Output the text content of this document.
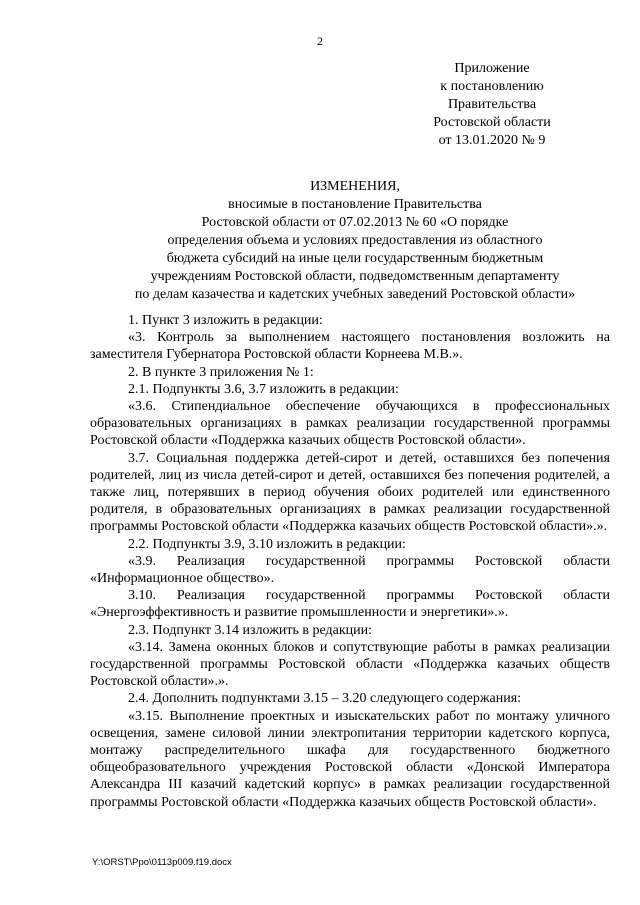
2
Приложение
к постановлению
Правительства
Ростовской области
от 13.01.2020 № 9
ИЗМЕНЕНИЯ,
вносимые в постановление Правительства
Ростовской области от 07.02.2013 № 60 «О порядке
определения объема и условиях предоставления из областного
бюджета субсидий на иные цели государственным бюджетным
учреждениям Ростовской области, подведомственным департаменту
по делам казачества и кадетских учебных заведений Ростовской области»

1. Пункт 3 изложить в редакции:

«3. Контроль за выполнением настоящего постановления возложить на заместителя Губернатора Ростовской области Корнеева М.В.».

2. В пункте 3 приложения № 1:

2.1. Подпункты 3.6, 3.7 изложить в редакции:

«3.6. Стипендиальное обеспечение обучающихся в профессиональных образовательных организациях в рамках реализации государственной программы Ростовской области «Поддержка казачьих обществ Ростовской области».

3.7. Социальная поддержка детей-сирот и детей, оставшихся без попечения родителей, лиц из числа детей-сирот и детей, оставшихся без попечения родителей, а также лиц, потерявших в период обучения обоих родителей или единственного родителя, в образовательных организациях в рамках реализации государственной программы Ростовской области «Поддержка казачьих обществ Ростовской области».».

2.2. Подпункты 3.9, 3.10 изложить в редакции:

«3.9. Реализация государственной программы Ростовской области «Информационное общество».

3.10. Реализация государственной программы Ростовской области «Энергоэффективность и развитие промышленности и энергетики».».

2.3. Подпункт 3.14 изложить в редакции:

«3.14. Замена оконных блоков и сопутствующие работы в рамках реализации государственной программы Ростовской области «Поддержка казачьих обществ Ростовской области».».

2.4. Дополнить подпунктами 3.15 – 3.20 следующего содержания:

«3.15. Выполнение проектных и изыскательских работ по монтажу уличного освещения, замене силовой линии электропитания территории кадетского корпуса, монтажу распределительного шкафа для государственного бюджетного общеобразовательного учреждения Ростовской области «Донской Императора Александра III казачий кадетский корпус» в рамках реализации государственной программы Ростовской области «Поддержка казачьих обществ Ростовской области».

Y:\ORST\Ppo\0113p009.f19.docx
